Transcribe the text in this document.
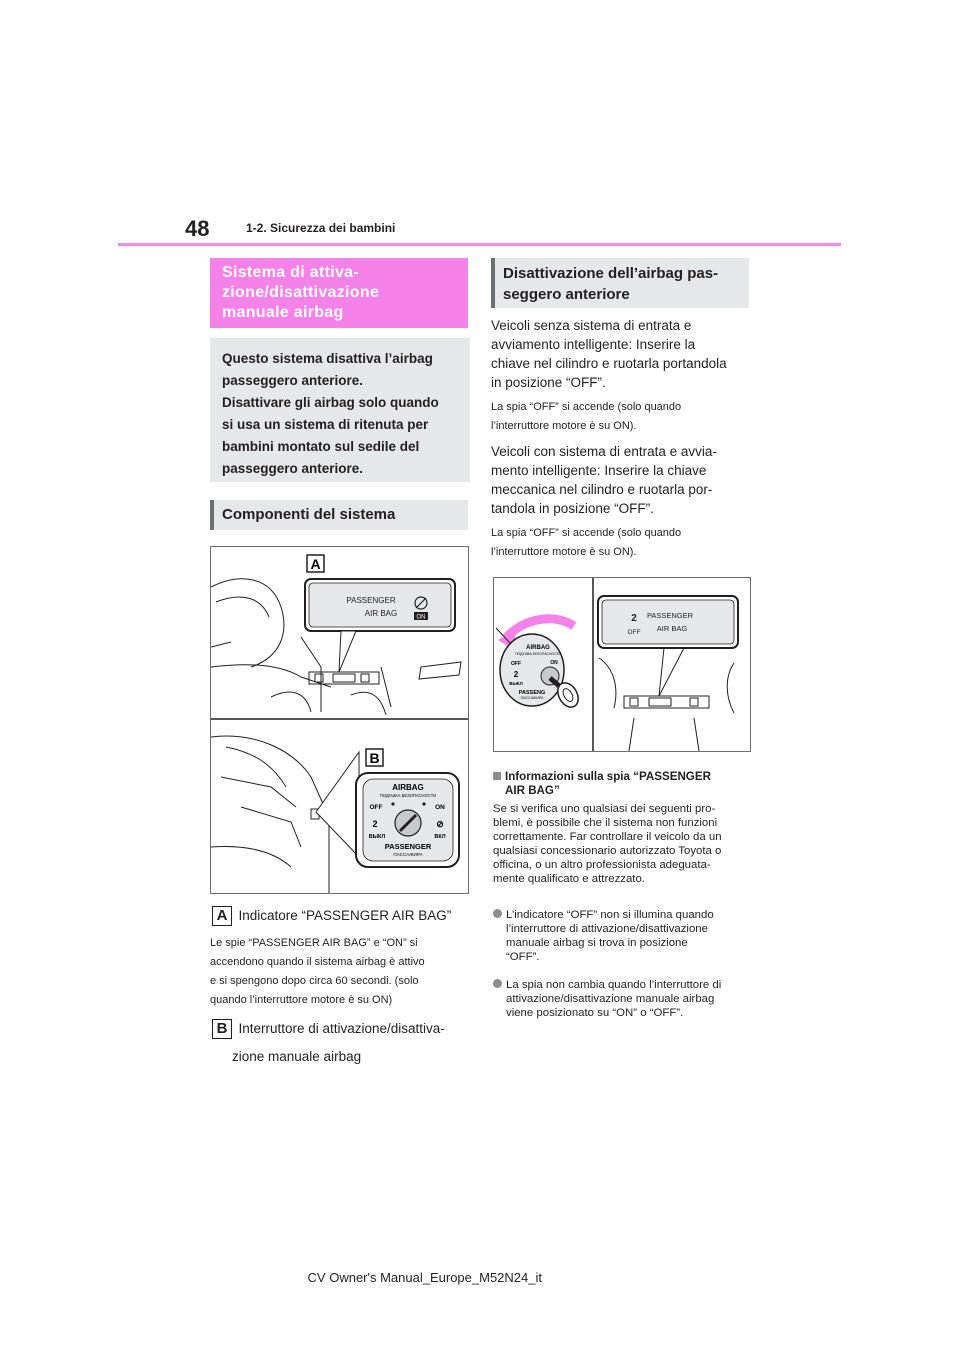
48	1-2. Sicurezza dei bambini
Sistema di attiva-
zione/disattivazione
manuale airbag
Questo sistema disattiva l’airbag
passeggero anteriore.
Disattivare gli airbag solo quando
si usa un sistema di ritenuta per
bambini montato sul sedile del
passeggero anteriore.
Componenti del sistema
A
PASSENGER
AIR BAG	ON
B
AIRBAG
ПОДУШКА БЕЗОПАСНОСТИ
OFF	ON
2	⊘
ВЫКЛ	ВКЛ
PASSENGER
ПАССАЖИРА
A Indicatore “PASSENGER AIR BAG”
Le spie “PASSENGER AIR BAG” e “ON” si
accendono quando il sistema airbag è attivo
e si spengono dopo circa 60 secondi. (solo
quando l’interruttore motore è su ON)
B Interruttore di attivazione/disattiva-
zione manuale airbag
Disattivazione dell’airbag pas-
seggero anteriore
Veicoli senza sistema di entrata e
avviamento intelligente: Inserire la
chiave nel cilindro e ruotarla portandola
in posizione “OFF”.
La spia “OFF” si accende (solo quando
l’interruttore motore è su ON).
Veicoli con sistema di entrata e avvia-
mento intelligente: Inserire la chiave
meccanica nel cilindro e ruotarla por-
tandola in posizione “OFF”.
La spia “OFF” si accende (solo quando
l’interruttore motore è su ON).
2
OFF
PASSENGER
AIR BAG
AIRBAG
ПОДУШКА БЕЗОПАСНОСТИ
OFF	ON
2
ВЫКЛ
PASSENG
ПАССАЖИРА
Informazioni sulla spia “PASSENGER
AIR BAG”
Se si verifica uno qualsiasi dei seguenti pro-
blemi, è possibile che il sistema non funzioni
correttamente. Far controllare il veicolo da un
qualsiasi concessionario autorizzato Toyota o
officina, o un altro professionista adeguata-
mente qualificato e attrezzato.
L’indicatore “OFF” non si illumina quando
l’interruttore di attivazione/disattivazione
manuale airbag si trova in posizione
“OFF”.
La spia non cambia quando l’interruttore di
attivazione/disattivazione manuale airbag
viene posizionato su “ON” o “OFF”.
CV Owner's Manual_Europe_M52N24_it
